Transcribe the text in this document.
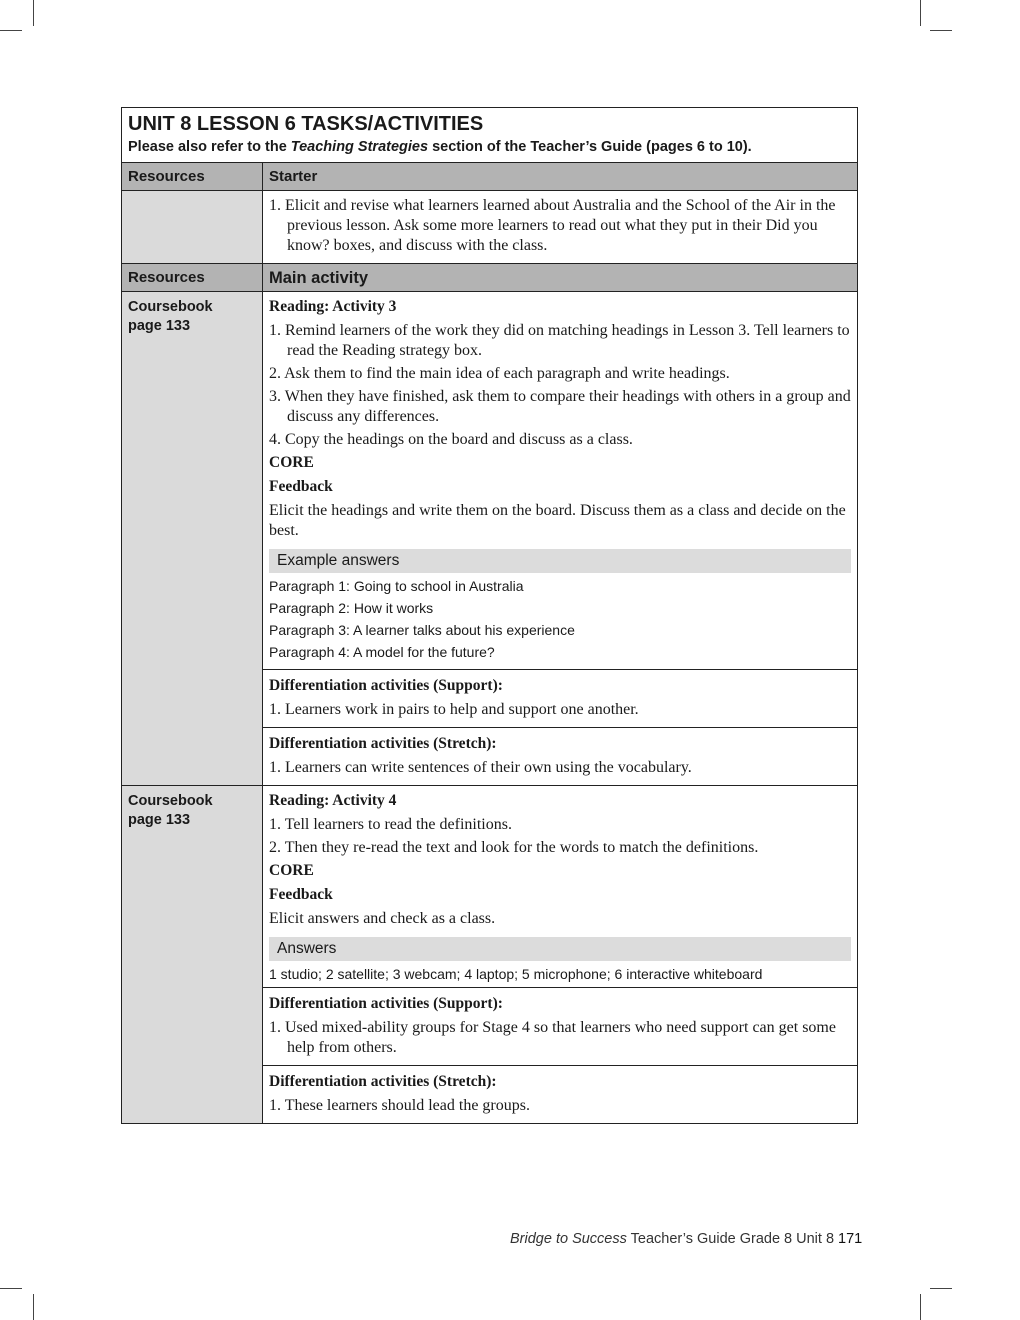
UNIT 8 LESSON 6 TASKS/ACTIVITIES
Please also refer to the Teaching Strategies section of the Teacher’s Guide (pages 6 to 10).
Resources	Starter
1. Elicit and revise what learners learned about Australia and the School of the Air in the previous lesson. Ask some more learners to read out what they put in their Did you know? boxes, and discuss with the class.
Resources	Main activity
Coursebook page 133
Reading: Activity 3
1. Remind learners of the work they did on matching headings in Lesson 3. Tell learners to read the Reading strategy box.
2. Ask them to find the main idea of each paragraph and write headings.
3. When they have finished, ask them to compare their headings with others in a group and discuss any differences.
4. Copy the headings on the board and discuss as a class.
CORE
Feedback
Elicit the headings and write them on the board. Discuss them as a class and decide on the best.
Example answers
Paragraph 1: Going to school in Australia
Paragraph 2: How it works
Paragraph 3: A learner talks about his experience
Paragraph 4: A model for the future?
Differentiation activities (Support):
1. Learners work in pairs to help and support one another.
Differentiation activities (Stretch):
1. Learners can write sentences of their own using the vocabulary.
Coursebook page 133
Reading: Activity 4
1. Tell learners to read the definitions.
2. Then they re-read the text and look for the words to match the definitions.
CORE
Feedback
Elicit answers and check as a class.
Answers
1 studio; 2 satellite; 3 webcam; 4 laptop; 5 microphone; 6 interactive whiteboard
Differentiation activities (Support):
1. Used mixed-ability groups for Stage 4 so that learners who need support can get some help from others.
Differentiation activities (Stretch):
1. These learners should lead the groups.
Bridge to Success Teacher’s Guide Grade 8 Unit 8 171
